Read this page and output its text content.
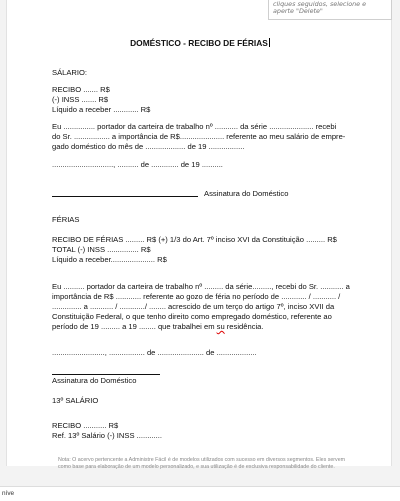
cliques seguidos, selecione e
aperte "Delete"
DOMÉSTICO - RECIBO DE FÉRIAS
SÁLARIO:
RECIBO ....... R$
(-) INSS ....... R$
Líquido a receber ............ R$
Eu ............... portador da carteira de trabalho nº ........... da série ..................... recebi
do Sr. ................. a importância de R$..................... referente ao meu salário de empre-
gado doméstico do mês de ................... de 19 .................
............................., .......... de ............. de 19 ..........
Assinatura do Doméstico
FÉRIAS
RECIBO DE FÉRIAS ......... R$ (+) 1/3 do Art. 7º inciso XVI da Constituição ......... R$
TOTAL (-) INSS ............... R$
Líquido a receber..................... R$
Eu .......... portador da carteira de trabalho nº ......... da série........., recebi do Sr. ........... a
importância de R$ ............ referente ao gozo de féria no período de ............ / ........... /
.............. a ........... / ............/ ........ acrescido de um terço do artigo 7º, inciso XVII da
Constituição Federal, o que tenho direito como empregado doméstico, referente ao
período de 19 ......... a 19 ........ que trabalhei em su residência.
........................., ................. de ...................... de ...................
Assinatura do Doméstico
13º SALÁRIO
RECIBO ........... R$
Ref. 13º Salário (-) INSS ............
Nota: O acervo pertencente a Administre Fácil é de modelos utilizados com sucesso em diversos segmentos. Eles servem como base para elaboração de um modelo personalizado, e sua utilização é de exclusiva responsabilidade do cliente.
níve
